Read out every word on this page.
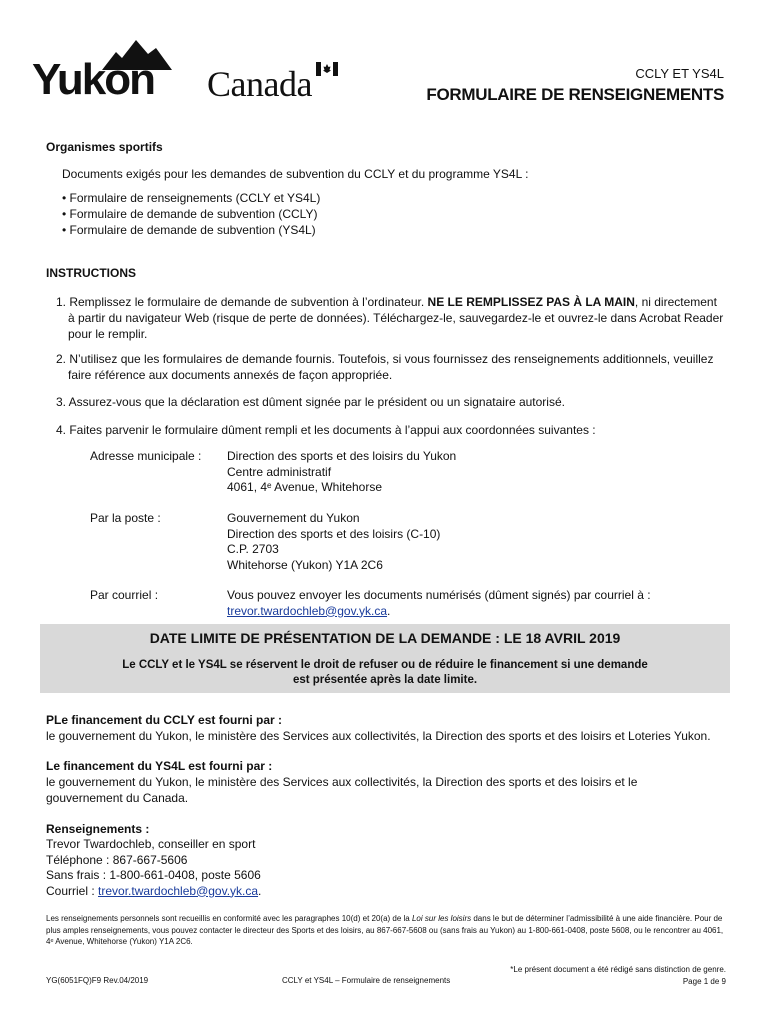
Yukon Canada	CCLY ET YS4L
FORMULAIRE DE RENSEIGNEMENTS
Organismes sportifs
Documents exigés pour les demandes de subvention du CCLY et du programme YS4L :
• Formulaire de renseignements (CCLY et YS4L)
• Formulaire de demande de subvention (CCLY)
• Formulaire de demande de subvention (YS4L)
INSTRUCTIONS
1. Remplissez le formulaire de demande de subvention à l’ordinateur. NE LE REMPLISSEZ PAS À LA MAIN, ni directement à partir du navigateur Web (risque de perte de données). Téléchargez-le, sauvegardez-le et ouvrez-le dans Acrobat Reader pour le remplir.
2. N’utilisez que les formulaires de demande fournis. Toutefois, si vous fournissez des renseignements additionnels, veuillez faire référence aux documents annexés de façon appropriée.
3. Assurez-vous que la déclaration est dûment signée par le président ou un signataire autorisé.
4. Faites parvenir le formulaire dûment rempli et les documents à l’appui aux coordonnées suivantes :
Adresse municipale : Direction des sports et des loisirs du Yukon
Centre administratif
4061, 4ᵉ Avenue, Whitehorse
Par la poste :	Gouvernement du Yukon
Direction des sports et des loisirs (C-10)
C.P. 2703
Whitehorse (Yukon) Y1A 2C6
Par courriel :	Vous pouvez envoyer les documents numérisés (dûment signés) par courriel à :
trevor.twardochleb@gov.yk.ca.
DATE LIMITE DE PRÉSENTATION DE LA DEMANDE : LE 18 AVRIL 2019
Le CCLY et le YS4L se réservent le droit de refuser ou de réduire le financement si une demande
est présentée après la date limite.
PLe financement du CCLY est fourni par :
le gouvernement du Yukon, le ministère des Services aux collectivités, la Direction des sports et des loisirs et Loteries Yukon.
Le financement du YS4L est fourni par :
le gouvernement du Yukon, le ministère des Services aux collectivités, la Direction des sports et des loisirs et le gouvernement du Canada.
Renseignements :
Trevor Twardochleb, conseiller en sport
Téléphone : 867-667-5606
Sans frais : 1-800-661-0408, poste 5606
Courriel : trevor.twardochleb@gov.yk.ca.
Les renseignements personnels sont recueillis en conformité avec les paragraphes 10(d) et 20(a) de la Loi sur les loisirs dans le but de déterminer l’admissibilité à une aide financière. Pour de plus amples renseignements, vous pouvez contacter le directeur des Sports et des loisirs, au 867-667-5608 ou (sans frais au Yukon) au 1-800-661-0408, poste 5608, ou le rencontrer au 4061, 4ᵉ Avenue, Whitehorse (Yukon) Y1A 2C6.
YG(6051FQ)F9 Rev.04/2019	CCLY et YS4L – Formulaire de renseignements
*Le présent document a été rédigé sans distinction de genre.
Page 1 de 9
